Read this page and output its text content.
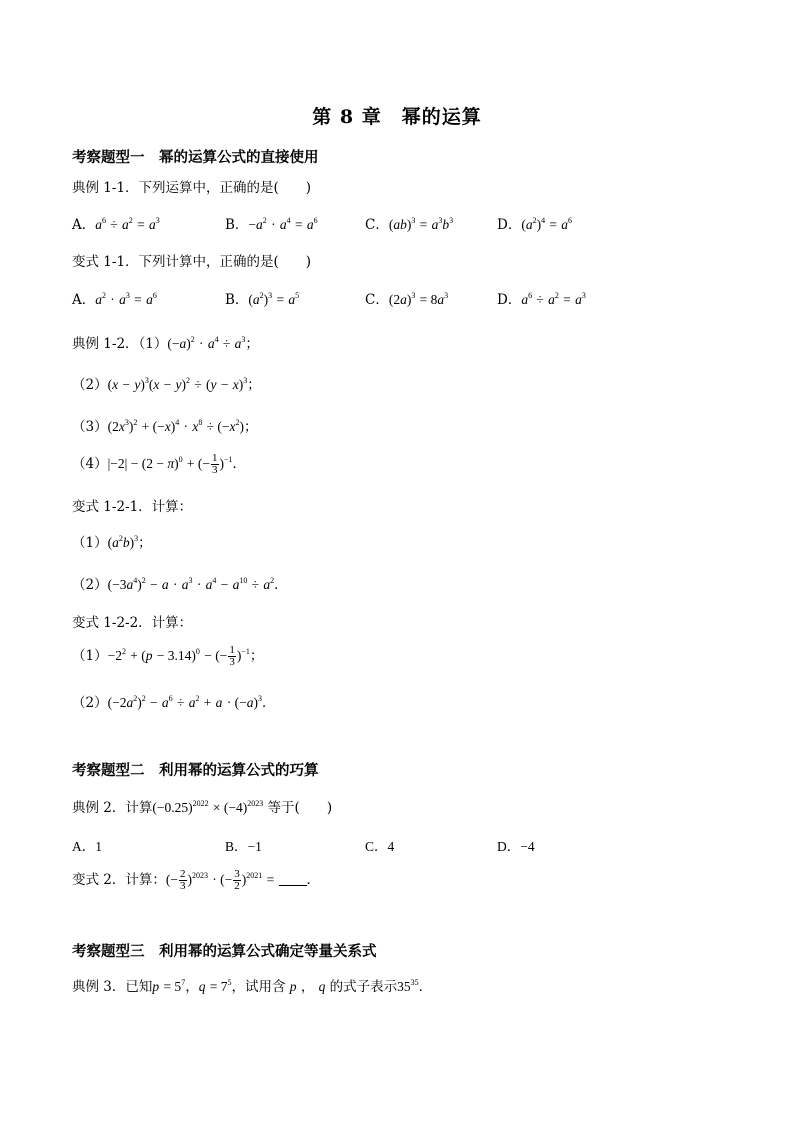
第 8 章　幂的运算
考察题型一　幂的运算公式的直接使用
典例 1-1．下列运算中，正确的是(　　)
A．$a^6 \div a^2 = a^3$	B．$-a^2 \cdot a^4 = a^6$	C．$(ab)^3 = a^3b^3$	D．$(a^2)^4 = a^6$
变式 1-1．下列计算中，正确的是(　　)
A．$a^2 \cdot a^3 = a^6$	B．$(a^2)^3 = a^5$	C．$(2a)^3 = 8a^3$	D．$a^6 \div a^2 = a^3$
典例 1-2．$(1)(-a)^2 \cdot a^4 \div a^3$；
$(2)(x - y)^3(x - y)^2 \div (y - x)^3$；
$(3)(2x^3)^2 + (-x)^4 \cdot x^8 \div (-x^2)$；
$(4)|-2| - (2 - \pi)^0$ + (− $\frac{1}{3} )^{-1}$．
变式 1-2-1．计算：
$(1)(a^2b)^3$；
$(2)(-3a^4)^2 - a \cdot a^3 \cdot a^4 - a^{10} \div a^2$．
变式 1-2-2．计算：
$(1)-2^2 + (p - 3.14)^0$ − (− $\frac{1}{3} )^{-1}$；
$(2)(-2a^2)^2 - a^6 \div a^2 + a \cdot (-a)^3$．
考察题型二　利用幂的运算公式的巧算
典例 2．计算$(-0.25)^{2022} \times (-4)^{2023}$ 等于(　　)
A．1	B．−1	C．4	D．−4
变式 2．计算：(− $\frac{2}{3} )^{2023}$ · (− $\frac{3}{2} )^{2021}$ = ．
考察题型三　利用幂的运算公式确定等量关系式
典例 3．已知$p = 5^7$，$q = 7^5$，试用含 p ， q 的式子表示$35^{35}$．
